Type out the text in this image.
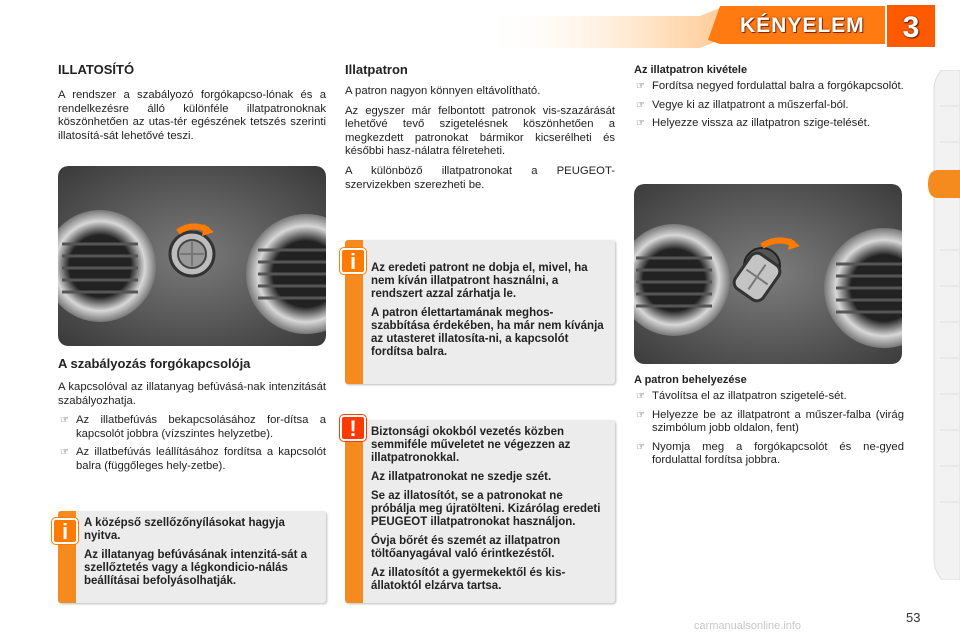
KÉNYELEM	3
ILLATOSÍTÓ

A rendszer a szabályozó forgókapcso-lónak és a rendelkezésre álló különféle illatpatronoknak köszönhetően az utas-tér egészének tetszés szerinti illatosítá-sát lehetővé teszi.

A szabályozás forgókapcsolója

A kapcsolóval az illatanyag befúvásá-nak intenzitását szabályozhatja.

☞ Az illatbefúvás bekapcsolásához for-dítsa a kapcsolót jobbra (vízszintes helyzetbe).
☞ Az illatbefúvás leállításához fordítsa a kapcsolót balra (függőleges hely-zetbe).

A középső szellőzőnyílásokat hagyja nyitva.

Az illatanyag befúvásának intenzitá-sát a szellőztetés vagy a légkondicio-nálás beállításai befolyásolhatják.

i
Illatpatron

A patron nagyon könnyen eltávolítható.

Az egyszer már felbontott patronok vis-szazárását lehetővé tevő szigetelésnek köszönhetően a megkezdett patronokat bármikor kicserélheti és későbbi hasz-nálatra félreteheti.

A különböző illatpatronokat a PEUGEOT-szervizekben szerezheti be.

Az eredeti patront ne dobja el, mivel, ha nem kíván illatpatront használni, a rendszert azzal zárhatja le.

A patron élettartamának meghos-szabbítása érdekében, ha már nem kívánja az utasteret illatosíta-ni, a kapcsolót fordítsa balra.

i

Biztonsági okokból vezetés közben semmiféle műveletet ne végezzen az illatpatronokkal.

Az illatpatronokat ne szedje szét.

Se az illatosítót, se a patronokat ne próbálja meg újratölteni. Kizárólag eredeti PEUGEOT illatpatronokat használjon.

Óvja bőrét és szemét az illatpatron töltőanyagával való érintkezéstől.

Az illatosítót a gyermekektől és kis-állatoktól elzárva tartsa.

!
Az illatpatron kivétele
☞ Fordítsa negyed fordulattal balra a forgókapcsolót.
☞ Vegye ki az illatpatront a műszerfal-ból.
☞ Helyezze vissza az illatpatron szige-telését.
A patron behelyezése
☞ Távolítsa el az illatpatron szigetelé-sét.
☞ Helyezze be az illatpatront a műszer-falba (virág szimbólum jobb oldalon, fent)
☞ Nyomja meg a forgókapcsolót és ne-gyed fordulattal fordítsa jobbra.
53
carmanualsonline.info
